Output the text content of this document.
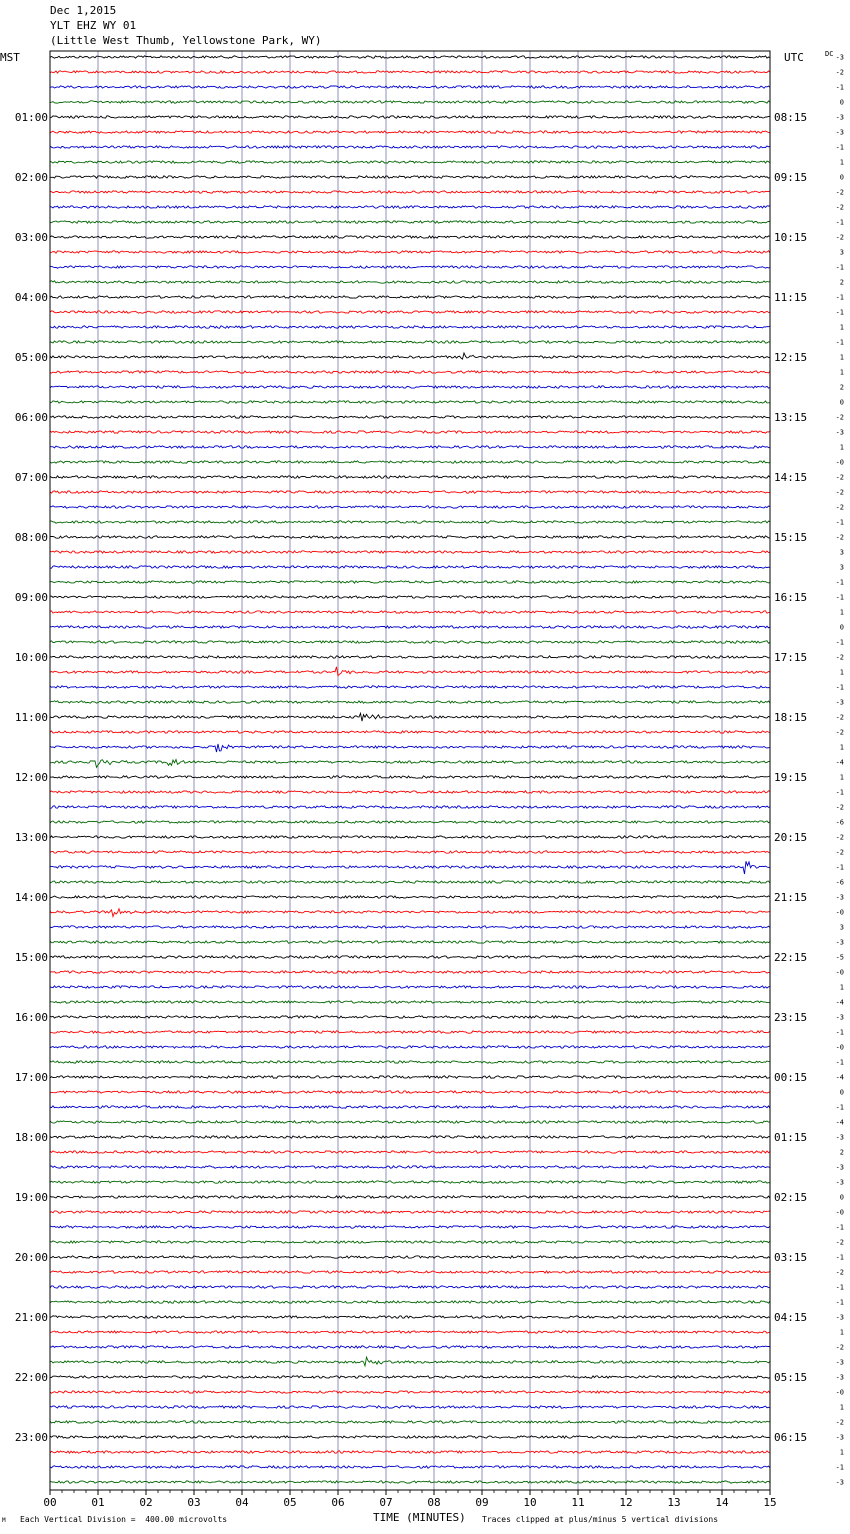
Dec 1,2015
YLT EHZ WY 01
(Little West Thumb, Yellowstone Park, WY)
-3
-2
-1
0
-3
-3
-1
1
0
-2
-2
-1
-2
3
-1
2
-1
-1
1
-1
1
1
2
0
-2
-3
1
-0
-2
-2
-2
-1
-2
3
3
-1
-1
1
0
-1
-2
1
-1
-3
-2
-2
1
-4
1
-1
-2
-6
-2
-2
-1
-6
-3
-0
3
-3
-5
-0
1
-4
-3
-1
-0
-1
-4
0
-1
-4
-3
2
-3
-3
0
-0
-1
-2
-1
-2
-1
-1
-3
1
-2
-3
-3
-0
1
-2
-3
1
-1
-3
01:00	08:15
02:00	09:15
03:00	10:15
04:00	11:15
05:00	12:15
06:00	13:15
07:00	14:15
08:00	15:15
09:00	16:15
10:00	17:15
11:00	18:15
12:00	19:15
13:00	20:15
14:00	21:15
15:00	22:15
16:00	23:15
17:00	00:15
18:00	01:15
19:00	02:15
20:00	03:15
21:00	04:15
22:00	05:15
23:00	06:15
MST	UTC	DC
00	01	02	03	04	05	06	07	08	09	10	11	12	13	14	15
M Each Vertical Division =  400.00 microvolts	TIME (MINUTES) Traces clipped at plus/minus 5 vertical divisions
